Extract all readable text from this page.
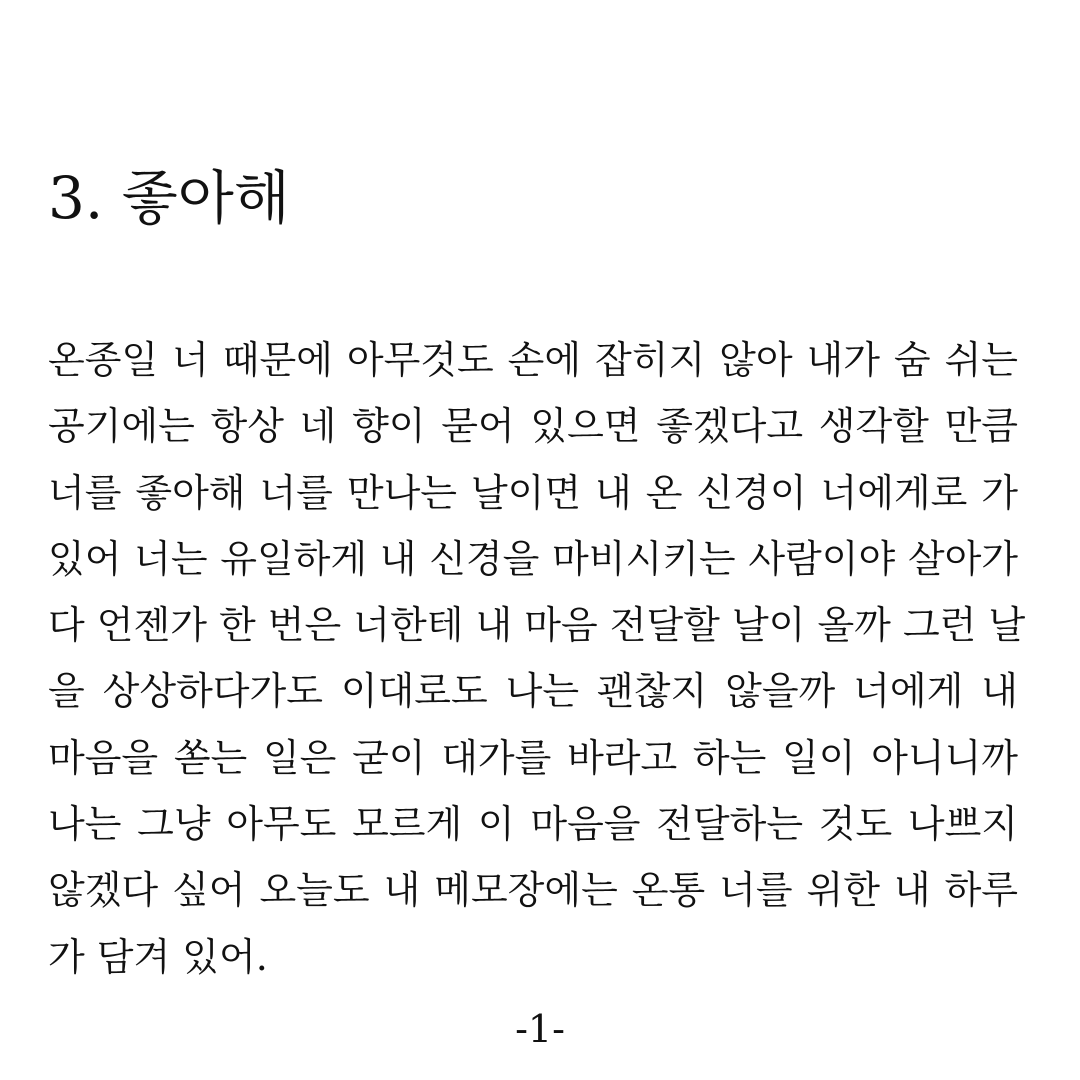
3. 좋아해
온종일 너 때문에 아무것도 손에 잡히지 않아 내가 숨 쉬는
공기에는 항상 네 향이 묻어 있으면 좋겠다고 생각할 만큼
너를 좋아해 너를 만나는 날이면 내 온 신경이 너에게로 가
있어 너는 유일하게 내 신경을 마비시키는 사람이야 살아가
다 언젠가 한 번은 너한테 내 마음 전달할 날이 올까 그런 날
을 상상하다가도 이대로도 나는 괜찮지 않을까 너에게 내
마음을 쏟는 일은 굳이 대가를 바라고 하는 일이 아니니까
나는 그냥 아무도 모르게 이 마음을 전달하는 것도 나쁘지
않겠다 싶어 오늘도 내 메모장에는 온통 너를 위한 내 하루
가 담겨 있어.

-1-
